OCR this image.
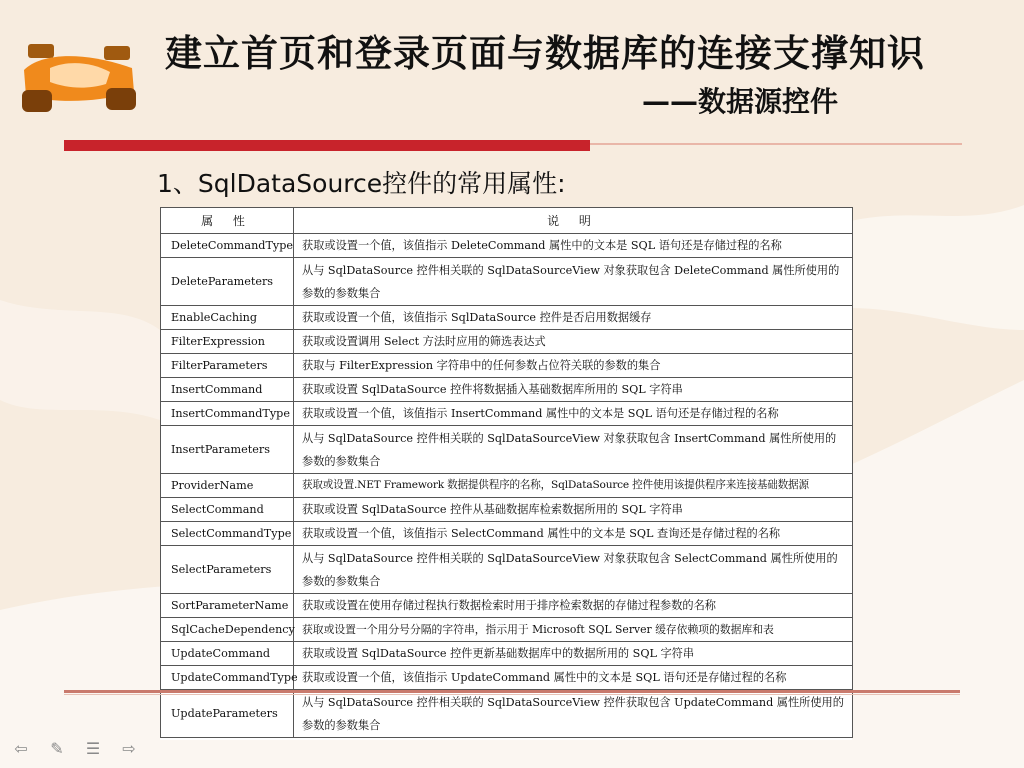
建立首页和登录页面与数据库的连接支撑知识
——数据源控件

1、SqlDataSource控件的常用属性:

属 性	说 明
DeleteCommandType	获取或设置一个值，该值指示 DeleteCommand 属性中的文本是 SQL 语句还是存储过程的名称
DeleteParameters	从与 SqlDataSource 控件相关联的 SqlDataSourceView 对象获取包含 DeleteCommand 属性所使用的参数的参数集合
EnableCaching	获取或设置一个值，该值指示 SqlDataSource 控件是否启用数据缓存
FilterExpression	获取或设置调用 Select 方法时应用的筛选表达式
FilterParameters	获取与 FilterExpression 字符串中的任何参数占位符关联的参数的集合
InsertCommand	获取或设置 SqlDataSource 控件将数据插入基础数据库所用的 SQL 字符串
InsertCommandType	获取或设置一个值，该值指示 InsertCommand 属性中的文本是 SQL 语句还是存储过程的名称
InsertParameters	从与 SqlDataSource 控件相关联的 SqlDataSourceView 对象获取包含 InsertCommand 属性所使用的参数的参数集合
ProviderName	获取或设置.NET Framework 数据提供程序的名称，SqlDataSource 控件使用该提供程序来连接基础数据源
SelectCommand	获取或设置 SqlDataSource 控件从基础数据库检索数据所用的 SQL 字符串
SelectCommandType	获取或设置一个值，该值指示 SelectCommand 属性中的文本是 SQL 查询还是存储过程的名称
SelectParameters	从与 SqlDataSource 控件相关联的 SqlDataSourceView 对象获取包含 SelectCommand 属性所使用的参数的参数集合
SortParameterName	获取或设置在使用存储过程执行数据检索时用于排序检索数据的存储过程参数的名称
SqlCacheDependency	获取或设置一个用分号分隔的字符串，指示用于 Microsoft SQL Server 缓存依赖项的数据库和表
UpdateCommand	获取或设置 SqlDataSource 控件更新基础数据库中的数据所用的 SQL 字符串
UpdateCommandType	获取或设置一个值，该值指示 UpdateCommand 属性中的文本是 SQL 语句还是存储过程的名称
UpdateParameters	从与 SqlDataSource 控件相关联的 SqlDataSourceView 控件获取包含 UpdateCommand 属性所使用的参数的参数集合
⇦ ✎ ☰ ⇨
